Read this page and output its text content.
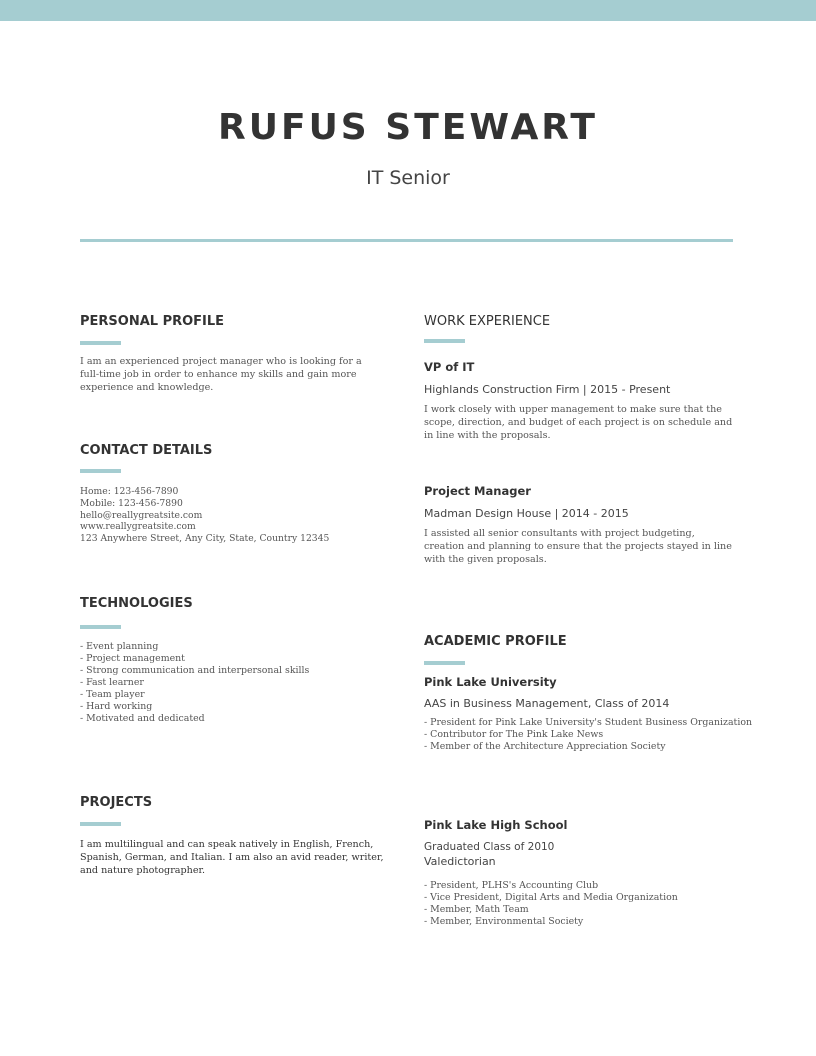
RUFUS STEWART
IT Senior
PERSONAL PROFILE

I am an experienced project manager who is looking for a full-time job in order to enhance my skills and gain more experience and knowledge.

CONTACT DETAILS
Home: 123-456-7890
Mobile: 123-456-7890
hello@reallygreatsite.com
www.reallygreatsite.com
123 Anywhere Street, Any City, State, Country 12345
TECHNOLOGIES
- Event planning
- Project management
- Strong communication and interpersonal skills
- Fast learner
- Team player
- Hard working
- Motivated and dedicated
PROJECTS

I am multilingual and can speak natively in English, French, Spanish, German, and Italian. I am also an avid reader, writer, and nature photographer.

WORK EXPERIENCE
VP of IT
Highlands Construction Firm | 2015 - Present

I work closely with upper management to make sure that the scope, direction, and budget of each project is on schedule and in line with the proposals.

Project Manager
Madman Design House | 2014 - 2015

I assisted all senior consultants with project budgeting, creation and planning to ensure that the projects stayed in line with the given proposals.

ACADEMIC PROFILE
Pink Lake University
AAS in Business Management, Class of 2014
- President for Pink Lake University's Student Business Organization
- Contributor for The Pink Lake News
- Member of the Architecture Appreciation Society
Pink Lake High School
Graduated Class of 2010
Valedictorian
- President, PLHS's Accounting Club
- Vice President, Digital Arts and Media Organization
- Member, Math Team
- Member, Environmental Society
